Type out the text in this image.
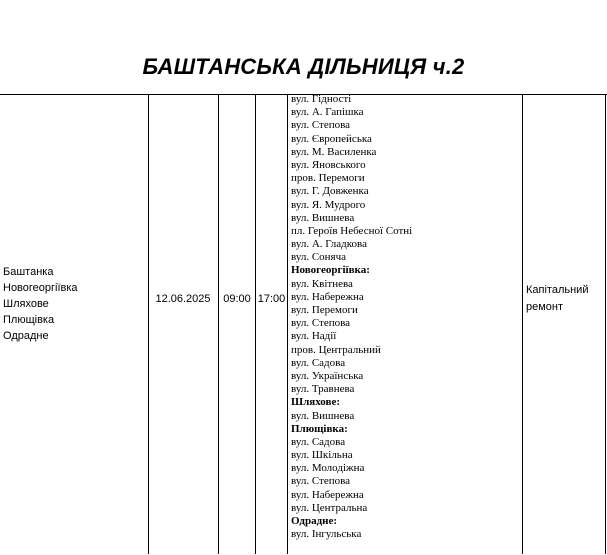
БАШТАНСЬКА ДІЛЬНИЦЯ ч.2
Баштанка
Новогеоргіївка
Шляхове
Плющівка
Одрадне
12.06.2025	09:00 17:00
вул. Гідності
вул. А. Гапішка
вул. Степова
вул. Європейська
вул. М. Василенка
вул. Яновського
пров. Перемоги
вул. Г. Довженка
вул. Я. Мудрого
вул. Вишнева
пл. Героїв Небесної Сотні
вул. А. Гладкова
вул. Соняча
Новогеоргіївка:
вул. Квітнева
вул. Набережна
вул. Перемоги
вул. Степова
вул. Надії
пров. Центральний
вул. Садова
вул. Українська
вул. Травнева
Шляхове:
вул. Вишнева
Плющівка:
вул. Садова
вул. Шкільна
вул. Молодіжна
вул. Степова
вул. Набережна
вул. Центральна
Одрадне:
вул. Інгульська
Капітальний
ремонт
